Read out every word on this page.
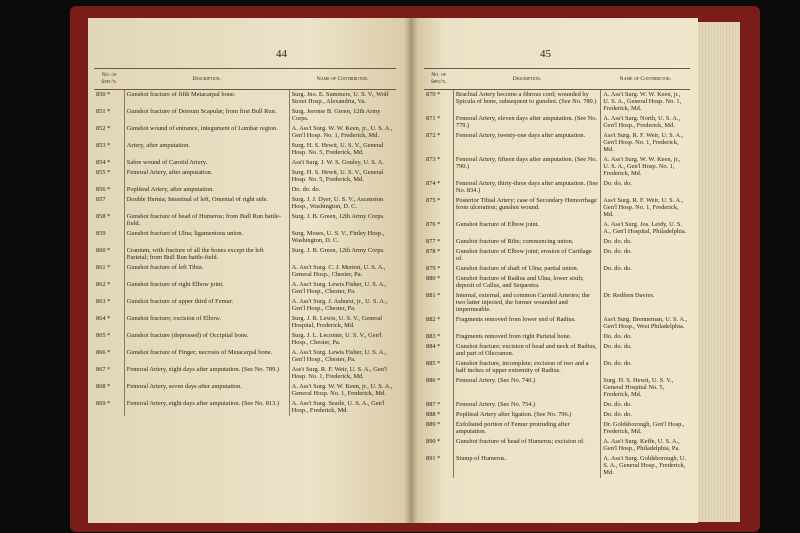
44
No. of Spec'n.	Description.	Name of Contributor.
850 *	Gunshot fracture of fifth Metacarpal bone.	Surg. Jno. E. Summers, U. S. V., Wolf Street Hosp., Alexandria, Va.
851 *	Gunshot fracture of Dorsum Scapulæ; from first Bull Run.	Surg. Jerome B. Green, 12th Army Corps.
852 *	Gunshot wound of entrance, integument of Lumbar region.	A. Ass't Surg. W. W. Keen, jr., U. S. A., Gen'l Hosp. No. 1, Frederick, Md.
853 *	Artery, after amputation.	Surg. H. S. Hewit, U. S. V., General Hosp. No. 5, Frederick, Md.
854 *	Sabre wound of Carotid Artery.	Ass't Surg. J. W. S. Gouley, U. S. A.
855 *	Femoral Artery, after amputation.	Surg. H. S. Hewit, U. S. V., General Hosp. No. 5, Frederick, Md.
856 *	Popliteal Artery, after amputation.	Do. do. do.
857	Double Hernia; Intestinal of left, Omental of right side.	Surg. J. J. Dyer, U. S. V., Ascension Hosp., Washington, D. C.
858 *	Gunshot fracture of head of Humerus; from Bull Run battle-field.	Surg. J. B. Green, 12th Army Corps.
859	Gunshot fracture of Ulna; ligamentous union.	Surg. Moses, U. S. V., Finley Hosp., Washington, D. C.
860 *	Cranium, with fracture of all the bones except the left Parietal; from Bull Run battle-field.	Surg. J. B. Green, 12th Army Corps.
861 *	Gunshot fracture of left Tibia.	A. Ass't Surg. C. J. Merton, U. S. A., General Hosp., Chester, Pa.
862 *	Gunshot fracture of right Elbow joint.	A. Ass't Surg. Lewis Fisher, U. S. A., Gen'l Hosp., Chester, Pa.
863 *	Gunshot fracture of upper third of Femur.	A. Ass't Surg. J. Ashurst, jr., U. S. A., Gen'l Hosp., Chester, Pa.
864 *	Gunshot fracture; excision of Elbow.	Surg. J. R. Lewis, U. S. V., General Hospital, Frederick, Md.
865 *	Gunshot fracture (depressed) of Occipital bone.	Surg. J. L. Lecomte, U. S. V., Gen'l Hosp., Chester, Pa.
866 *	Gunshot fracture of Finger; necrosis of Metacarpal bone.	A. Ass't Surg. Lewis Fisher, U. S. A., Gen'l Hosp., Chester, Pa.
867 *	Femoral Artery, eight days after amputation. (See No. 789.)	Ass't Surg. R. F. Weir, U. S. A., Gen'l Hosp. No. 1, Frederick, Md.
868 *	Femoral Artery, seven days after amputation.	A. Ass't Surg. W. W. Keen, jr., U. S. A., General Hosp. No. 1, Frederick, Md.
869 *	Femoral Artery, eight days after amputation. (See No. 813.)	A. Ass't Surg. Searle, U. S. A., Gen'l Hosp., Frederick, Md.
45
No. of Spec'n.	Description.	Name of Contributor.
870 *	Brachial Artery become a fibrous cord; wounded by Spicula of bone, subsequent to gunshot. (See No. 780.)	A. Ass't Surg. W. W. Keen, jr., U. S. A., General Hosp. No. 1, Frederick, Md.
871 *	Femoral Artery, eleven days after amputation. (See No. 779.)	A. Ass't Surg. North, U. S. A., Gen'l Hosp., Frederick, Md.
872 *	Femoral Artery, twenty-one days after amputation.	Ass't Surg. R. F. Weir, U. S. A., Gen'l Hosp. No. 1, Frederick, Md.
873 *	Femoral Artery, fifteen days after amputation. (See No. 790.)	A. Ass't Surg. W. W. Keen, jr., U. S. A., Gen'l Hosp. No. 1, Frederick, Md.
874 *	Femoral Artery, thirty-three days after amputation. (See No. 834.)	Do. do. do.
875 *	Posterior Tibial Artery; case of Secondary Hemorrhage from ulceration; gunshot wound.	Ass't Surg. R. F. Weir, U. S. A., Gen'l Hosp. No. 1, Frederick, Md.
876 *	Gunshot fracture of Elbow joint.	A. Ass't Surg. Jos. Leidy, U. S. A., Gen'l Hospital, Philadelphia.
877 *	Gunshot fracture of Ribs; commencing union.	Do. do. do.
878 *	Gunshot fracture of Elbow joint; erosion of Cartilage of.	Do. do. do.
879 *	Gunshot fracture of shaft of Ulna; partial union.	Do. do. do.
880 *	Gunshot fracture of Radius and Ulna, lower sixth; deposit of Callus, and Sequestra.	
881 *	Internal, external, and common Carotid Arteries; the two latter injected, the former wounded and impermeable.	Dr. Redfern Davies.
882 *	Fragments removed from lower end of Radius.	Ass't Surg. Brenneman, U. S. A., Gen'l Hosp., West Philadelphia.
883 *	Fragments removed from right Parietal bone.	Do. do. do.
884 *	Gunshot fracture; excision of head and neck of Radius, and part of Olecranon.	Do. do. do.
885 *	Gunshot fracture, incomplete; excision of two and a half inches of upper extremity of Radius.	Do. do. do.
886 *	Femoral Artery. (See No. 740.)	Surg. H. S. Hewit, U. S. V., General Hospital No. 5, Frederick, Md.
887 *	Femoral Artery. (See No. 754.)	Do. do. do.
888 *	Popliteal Artery after ligation. (See No. 796.)	Do. do. do.
889 *	Exfoliated portion of Femur protruding after amputation.	Dr. Goldsborough, Gen'l Hosp., Frederick, Md.
890 *	Gunshot fracture of head of Humerus; excision of.	A. Ass't Surg. Keffe, U. S. A., Gen'l Hosp., Philadelphia, Pa.
891 *	Stump of Humerus.	A. Ass't Surg. Goldsborough, U. S. A., General Hosp., Frederick, Md.
